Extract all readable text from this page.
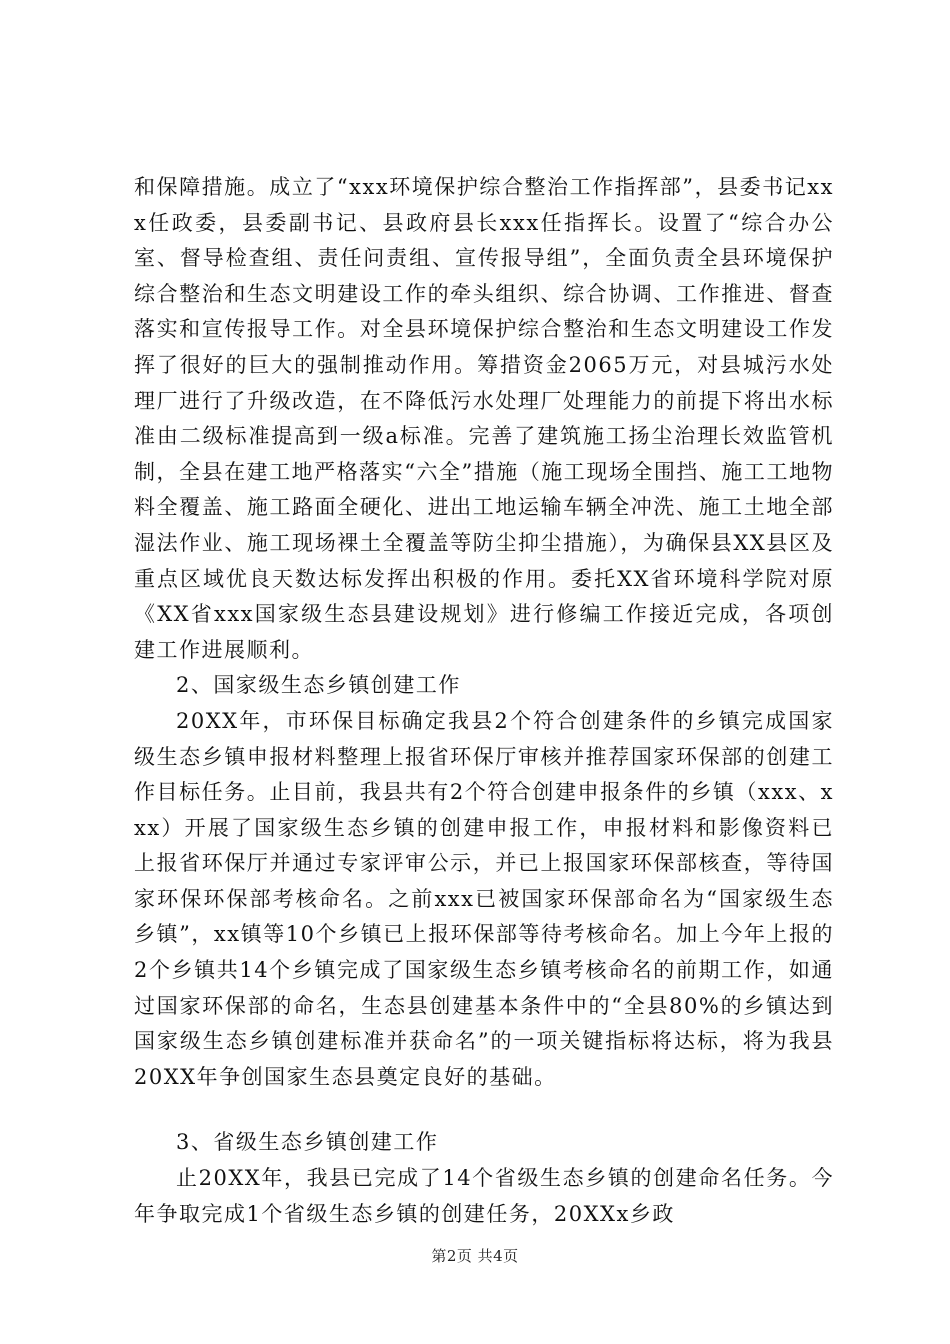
和保障措施。成立了“xxx环境保护综合整治工作指挥部”，县委书记xxx任政委，县委副书记、县政府县长xxx任指挥长。设置了“综合办公室、督导检查组、责任问责组、宣传报导组”，全面负责全县环境保护综合整治和生态文明建设工作的牵头组织、综合协调、工作推进、督查落实和宣传报导工作。对全县环境保护综合整治和生态文明建设工作发挥了很好的巨大的强制推动作用。筹措资金2065万元，对县城污水处理厂进行了升级改造，在不降低污水处理厂处理能力的前提下将出水标准由二级标准提高到一级a标准。完善了建筑施工扬尘治理长效监管机制，全县在建工地严格落实“六全”措施（施工现场全围挡、施工工地物料全覆盖、施工路面全硬化、进出工地运输车辆全冲洗、施工土地全部湿法作业、施工现场裸土全覆盖等防尘抑尘措施），为确保县XX县区及重点区域优良天数达标发挥出积极的作用。委托XX省环境科学院对原《XX省xxx国家级生态县建设规划》进行修编工作接近完成，各项创建工作进展顺利。

2、国家级生态乡镇创建工作

20XX年，市环保目标确定我县2个符合创建条件的乡镇完成国家级生态乡镇申报材料整理上报省环保厅审核并推荐国家环保部的创建工作目标任务。止目前，我县共有2个符合创建申报条件的乡镇（xxx、xxx）开展了国家级生态乡镇的创建申报工作，申报材料和影像资料已上报省环保厅并通过专家评审公示，并已上报国家环保部核查，等待国家环保环保部考核命名。之前xxx已被国家环保部命名为“国家级生态乡镇”，xx镇等10个乡镇已上报环保部等待考核命名。加上今年上报的2个乡镇共14个乡镇完成了国家级生态乡镇考核命名的前期工作，如通过国家环保部的命名，生态县创建基本条件中的“全县80%的乡镇达到国家级生态乡镇创建标准并获命名”的一项关键指标将达标，将为我县20XX年争创国家生态县奠定良好的基础。

3、省级生态乡镇创建工作

止20XX年，我县已完成了14个省级生态乡镇的创建命名任务。今年争取完成1个省级生态乡镇的创建任务，20XXx乡政

第2页 共4页
